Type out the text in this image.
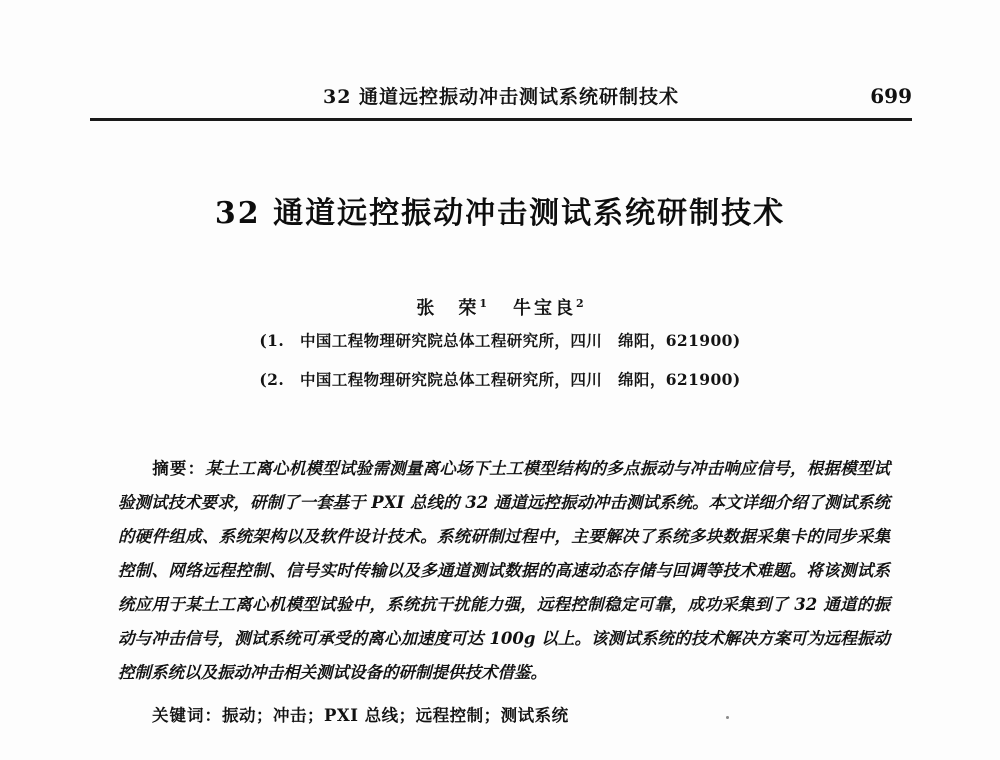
32 通道远控振动冲击测试系统研制技术	699
32 通道远控振动冲击测试系统研制技术
张　荣$^1$ 牛宝良$^2$
(1.　中国工程物理研究院总体工程研究所，四川　绵阳，621900)
(2.　中国工程物理研究院总体工程研究所，四川　绵阳，621900)
摘要：某土工离心机模型试验需测量离心场下土工模型结构的多点振动与冲击响应信号，根据模型试验测试技术要求，研制了一套基于 PXI 总线的 32 通道远控振动冲击测试系统。本文详细介绍了测试系统的硬件组成、系统架构以及软件设计技术。系统研制过程中，主要解决了系统多块数据采集卡的同步采集控制、网络远程控制、信号实时传输以及多通道测试数据的高速动态存储与回调等技术难题。将该测试系统应用于某土工离心机模型试验中，系统抗干扰能力强，远程控制稳定可靠，成功采集到了 32 通道的振动与冲击信号，测试系统可承受的离心加速度可达 100g 以上。该测试系统的技术解决方案可为远程振动控制系统以及振动冲击相关测试设备的研制提供技术借鉴。
关键词：振动；冲击；PXI 总线；远程控制；测试系统
